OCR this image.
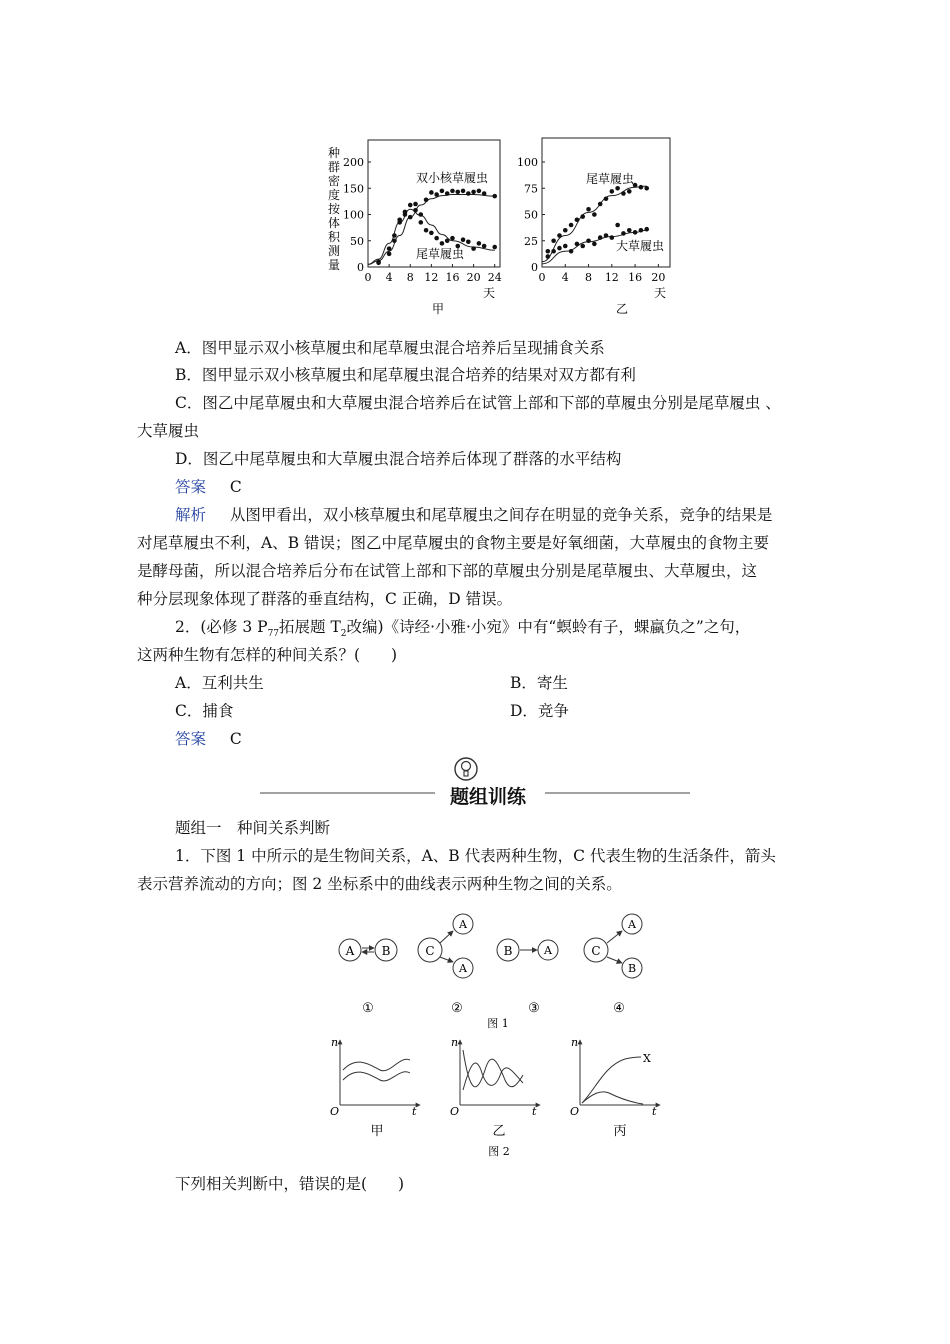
种
群
密
度
按
体
积
测
量 0
50
100
150
200
0 4 8 12 16 20 24
双小核草履虫
尾草履虫
天
甲
0
25
50
75
100
0 4 8 12 16 20
尾草履虫
大草履虫
天
乙
A．图甲显示双小核草履虫和尾草履虫混合培养后呈现捕食关系
B．图甲显示双小核草履虫和尾草履虫混合培养的结果对双方都有利
C．图乙中尾草履虫和大草履虫混合培养后在试管上部和下部的草履虫分别是尾草履虫 、
大草履虫
D．图乙中尾草履虫和大草履虫混合培养后体现了群落的水平结构
答案 C
解析 从图甲看出，双小核草履虫和尾草履虫之间存在明显的竞争关系，竞争的结果是
对尾草履虫不利，A、B 错误；图乙中尾草履虫的食物主要是好氧细菌，大草履虫的食物主要
是酵母菌，所以混合培养后分布在试管上部和下部的草履虫分别是尾草履虫、大草履虫，这
种分层现象体现了群落的垂直结构，C 正确，D 错误。
2．(必修 3 $P_{77}$拓展题 $T_2$改编)《诗经·小雅·小宛》中有“螟蛉有子，蜾蠃负之”之句，
这两种生物有怎样的种间关系？(　　)
A．互利共生	B．寄生
C．捕食	D．竞争
答案 C
题组训练
题组一　种间关系判断
1．下图 1 中所示的是生物间关系，A、B 代表两种生物，C 代表生物的生活条件，箭头
表示营养流动的方向；图 2 坐标系中的曲线表示两种生物之间的关系。
A B
①
C
A
A
②
B	A
③
C
A
B
④
图 1
n
O	t
甲
n
O	t
乙
n
O	t
X
丙
图 2
下列相关判断中，错误的是(　　)
